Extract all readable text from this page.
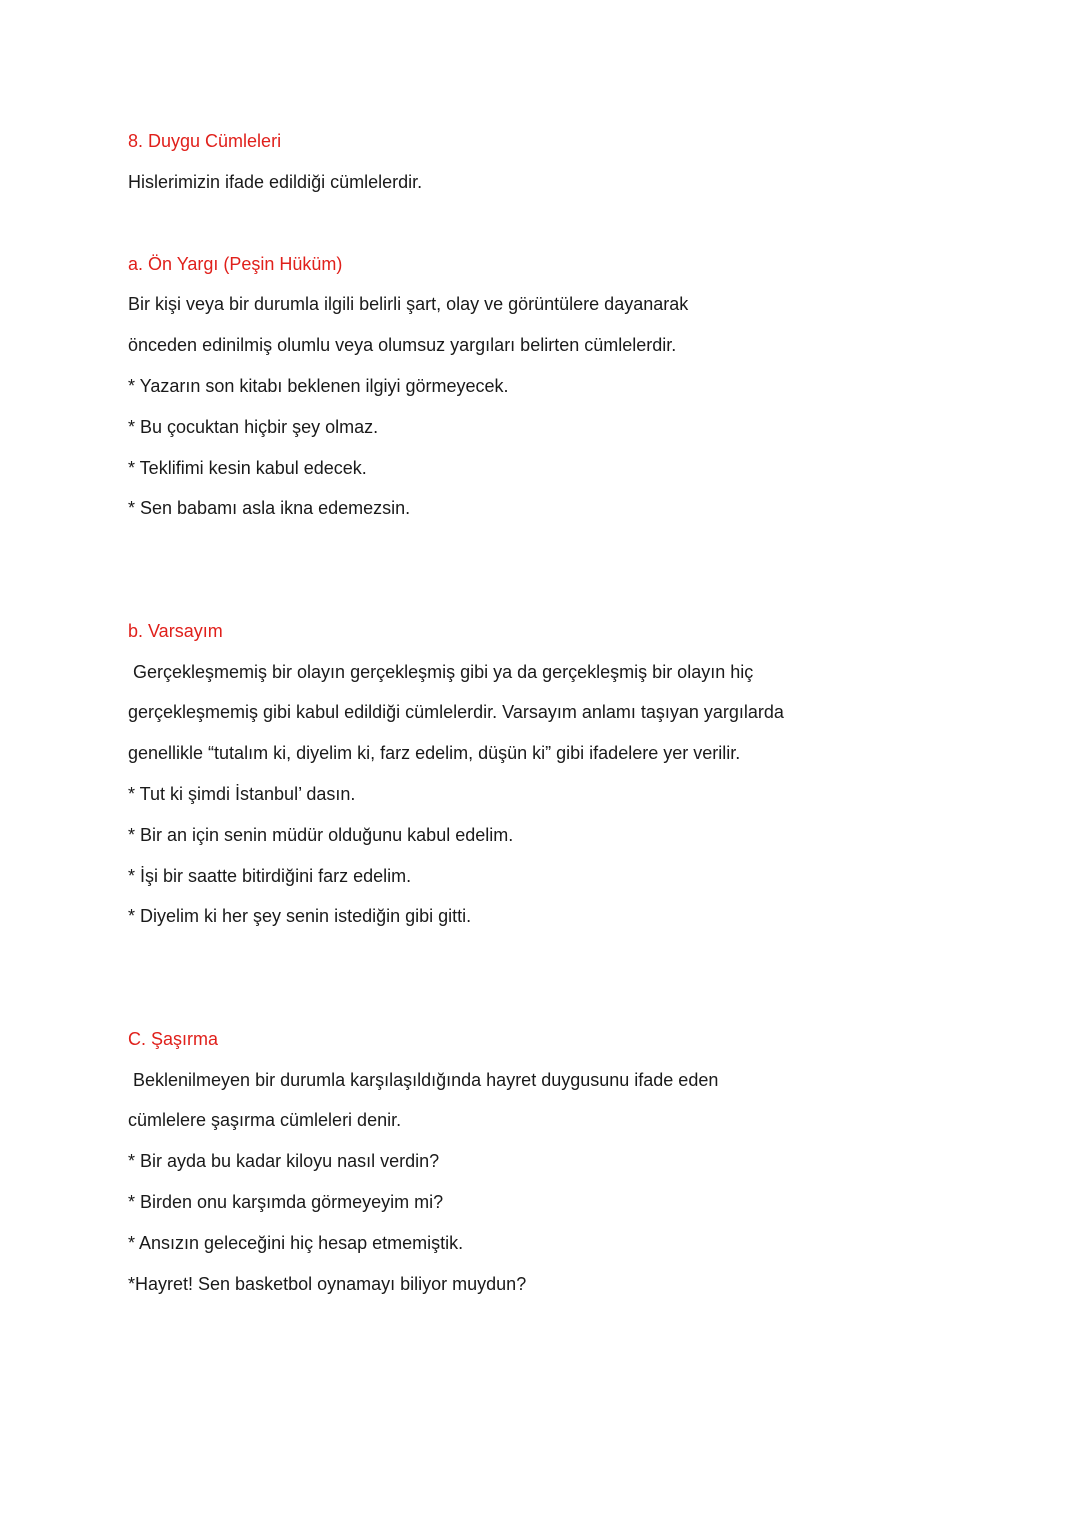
8. Duygu Cümleleri
Hislerimizin ifade edildiği cümlelerdir.
a. Ön Yargı (Peşin Hüküm)
Bir kişi veya bir durumla ilgili belirli şart, olay ve görüntülere dayanarak
önceden edinilmiş olumlu veya olumsuz yargıları belirten cümlelerdir.
* Yazarın son kitabı beklenen ilgiyi görmeyecek.
* Bu çocuktan hiçbir şey olmaz.
* Teklifimi kesin kabul edecek.
* Sen babamı asla ikna edemezsin.
b. Varsayım
Gerçekleşmemiş bir olayın gerçekleşmiş gibi ya da gerçekleşmiş bir olayın hiç
gerçekleşmemiş gibi kabul edildiği cümlelerdir. Varsayım anlamı taşıyan yargılarda
genellikle “tutalım ki, diyelim ki, farz edelim, düşün ki” gibi ifadelere yer verilir.
* Tut ki şimdi İstanbul’ dasın.
* Bir an için senin müdür olduğunu kabul edelim.
* İşi bir saatte bitirdiğini farz edelim.
* Diyelim ki her şey senin istediğin gibi gitti.
C. Şaşırma
Beklenilmeyen bir durumla karşılaşıldığında hayret duygusunu ifade eden
cümlelere şaşırma cümleleri denir.
* Bir ayda bu kadar kiloyu nasıl verdin?
* Birden onu karşımda görmeyeyim mi?
* Ansızın geleceğini hiç hesap etmemiştik.
*Hayret! Sen basketbol oynamayı biliyor muydun?
